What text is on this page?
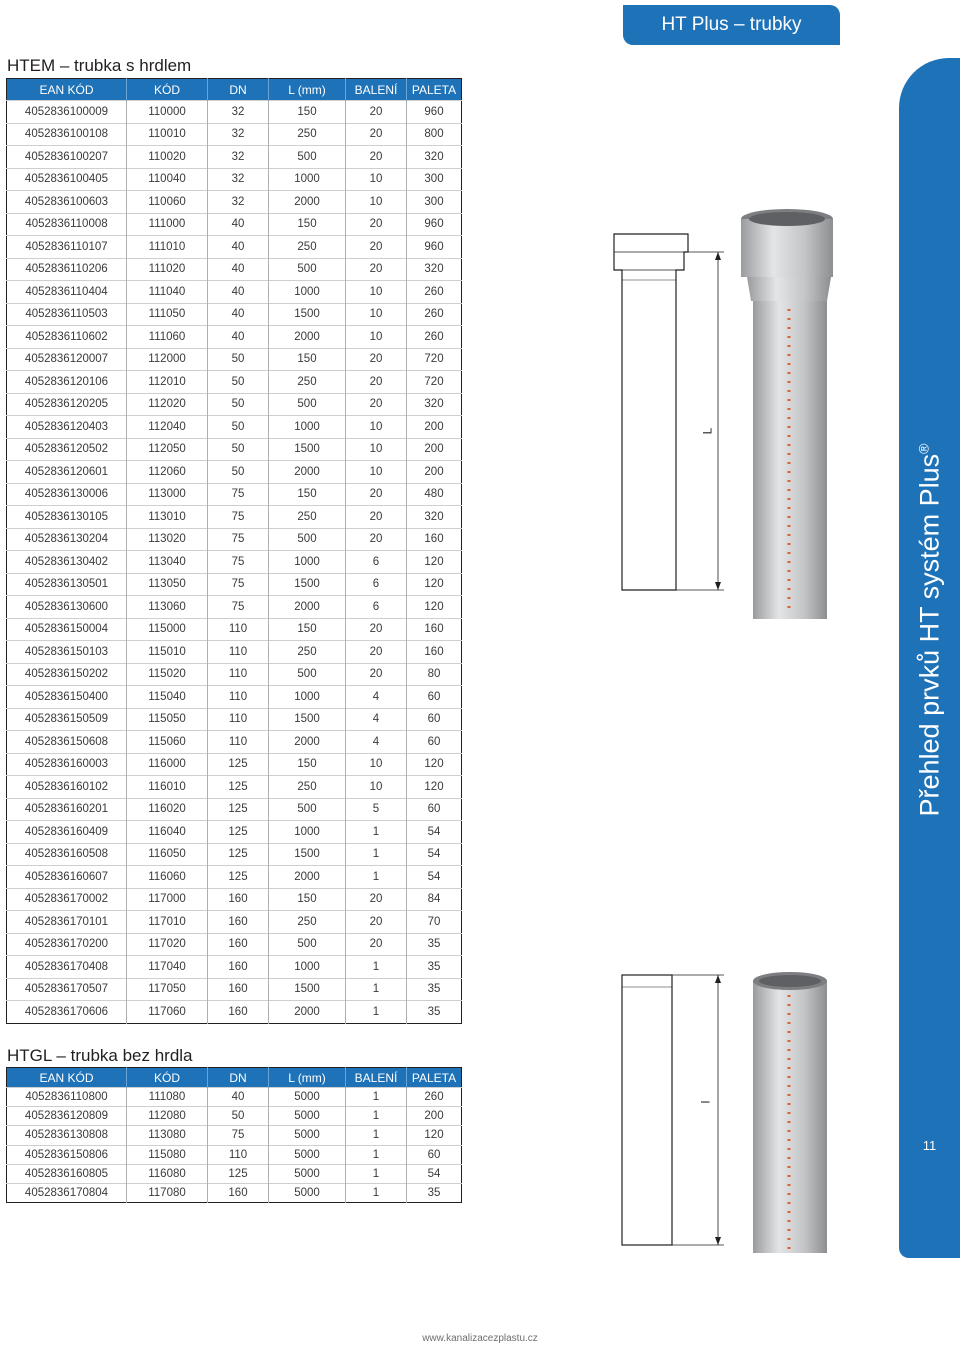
HT Plus – trubky
Přehled prvků HT systém Plus®
11
HTEM – trubka s hrdlem
EAN KÓD	KÓD	DN	L (mm)	BALENÍ	PALETA
4052836100009	110000	32	150	20	960
4052836100108	110010	32	250	20	800
4052836100207	110020	32	500	20	320
4052836100405	110040	32	1000	10	300
4052836100603	110060	32	2000	10	300
4052836110008	111000	40	150	20	960
4052836110107	111010	40	250	20	960
4052836110206	111020	40	500	20	320
4052836110404	111040	40	1000	10	260
4052836110503	111050	40	1500	10	260
4052836110602	111060	40	2000	10	260
4052836120007	112000	50	150	20	720
4052836120106	112010	50	250	20	720
4052836120205	112020	50	500	20	320
4052836120403	112040	50	1000	10	200
4052836120502	112050	50	1500	10	200
4052836120601	112060	50	2000	10	200
4052836130006	113000	75	150	20	480
4052836130105	113010	75	250	20	320
4052836130204	113020	75	500	20	160
4052836130402	113040	75	1000	6	120
4052836130501	113050	75	1500	6	120
4052836130600	113060	75	2000	6	120
4052836150004	115000	110	150	20	160
4052836150103	115010	110	250	20	160
4052836150202	115020	110	500	20	80
4052836150400	115040	110	1000	4	60
4052836150509	115050	110	1500	4	60
4052836150608	115060	110	2000	4	60
4052836160003	116000	125	150	10	120
4052836160102	116010	125	250	10	120
4052836160201	116020	125	500	5	60
4052836160409	116040	125	1000	1	54
4052836160508	116050	125	1500	1	54
4052836160607	116060	125	2000	1	54
4052836170002	117000	160	150	20	84
4052836170101	117010	160	250	20	70
4052836170200	117020	160	500	20	35
4052836170408	117040	160	1000	1	35
4052836170507	117050	160	1500	1	35
4052836170606	117060	160	2000	1	35
HTGL – trubka bez hrdla
EAN KÓD	KÓD	DN	L (mm)	BALENÍ	PALETA
4052836110800	111080	40	5000	1	260
4052836120809	112080	50	5000	1	200
4052836130808	113080	75	5000	1	120
4052836150806	115080	110	5000	1	60
4052836160805	116080	125	5000	1	54
4052836170804	117080	160	5000	1	35
L
l
www.kanalizacezplastu.cz
